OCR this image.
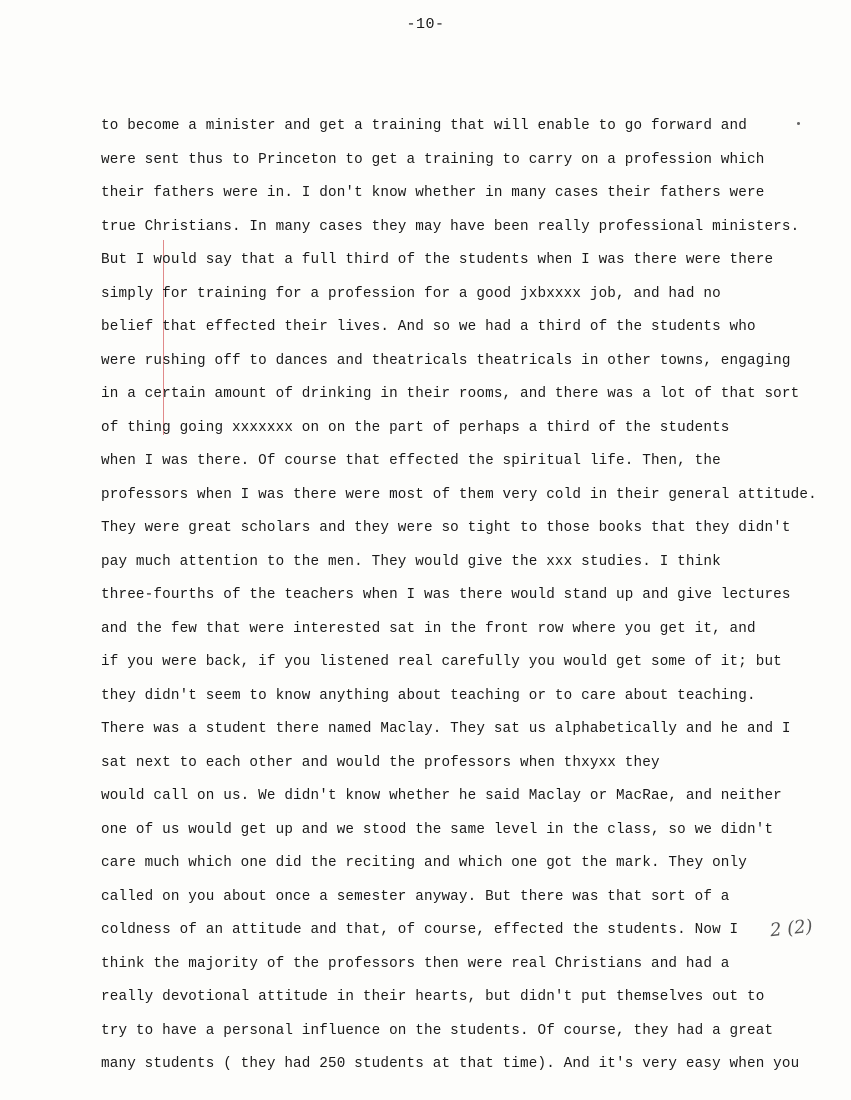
-10-
to become a minister and get a training that will enable to go forward and
were sent thus to Princeton to get a training to carry on a profession which
their fathers were in. I don't know whether in many cases their fathers were
true Christians. In many cases they may have been really professional ministers.
But I would say that a full third of the students when I was there were there
simply for training for a profession for a good jxbxxxx job, and had no
belief that effected their lives. And so we had a third of the students who
were rushing off to dances and theatricals theatricals in other towns, engaging
in a certain amount of drinking in their rooms, and there was a lot of that sort
of thing going xxxxxxx on on the part of perhaps a third of the students
when I was there. Of course that effected the spiritual life. Then, the
professors when I was there were most of them very cold in their general attitude.
They were great scholars and they were so tight to those books that they didn't
pay much attention to the men. They would give the xxx studies. I think
three-fourths of the teachers when I was there would stand up and give lectures
and the few that were interested sat in the front row where you get it, and
if you were back, if you listened real carefully you would get some of it; but
they didn't seem to know anything about teaching or to care about teaching.
There was a student there named Maclay. They sat us alphabetically and he and I
sat next to each other and would the professors when thxyxx they
would call on us. We didn't know whether he said Maclay or MacRae, and neither
one of us would get up and we stood the same level in the class, so we didn't
care much which one did the reciting and which one got the mark. They only
called on you about once a semester anyway. But there was that sort of a
coldness of an attitude and that, of course, effected the students. Now I
think the majority of the professors then were real Christians and had a
really devotional attitude in their hearts, but didn't put themselves out to
try to have a personal influence on the students. Of course, they had a great
many students ( they had 250 students at that time). And it's very easy when you
2 (2)
